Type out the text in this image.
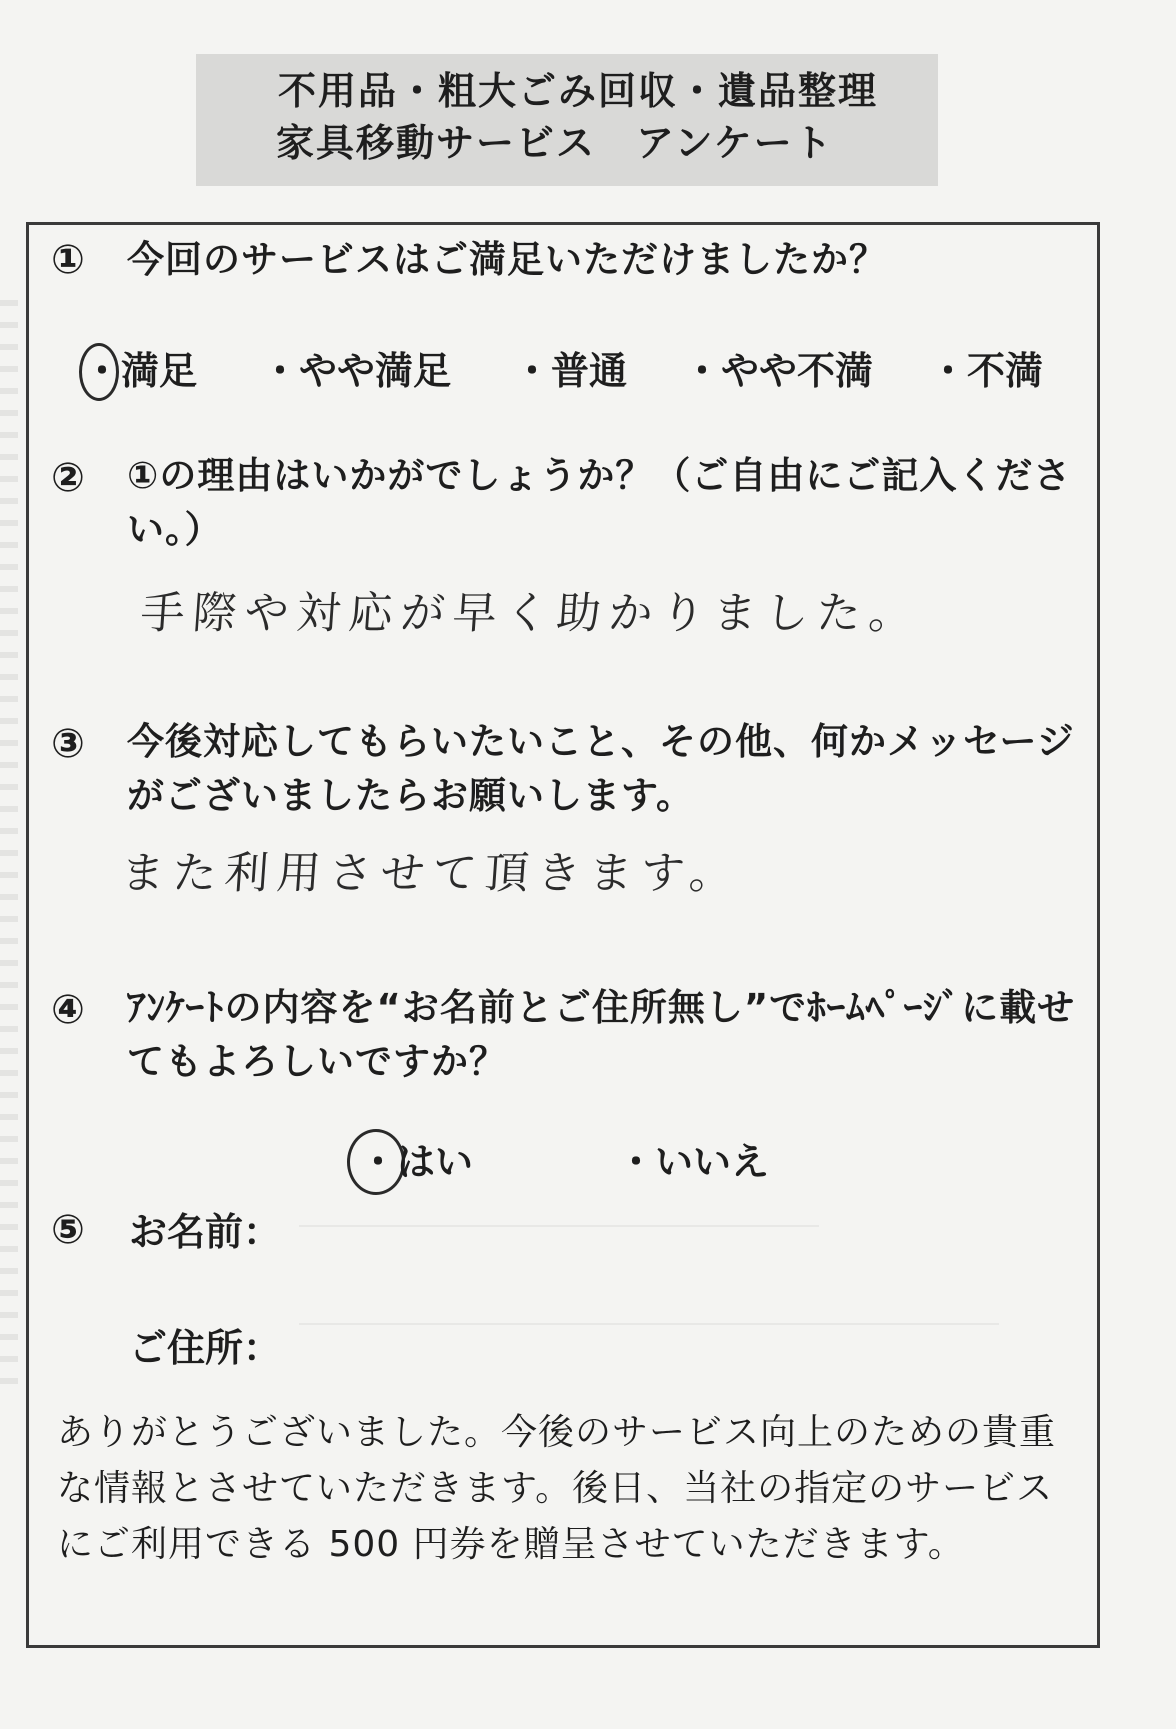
不用品・粗大ごみ回収・遺品整理
家具移動サービス　アンケート
① 今回のサービスはご満足いただけましたか？
・満足 ・やや満足 ・普通 ・やや不満 ・不満
② ①の理由はいかがでしょうか？（ご自由にご記入ください。）
手際や対応が早く助かりました。
③ 今後対応してもらいたいこと、その他、何かメッセージがございましたらお願いします。
また利用させて頂きます。
④ ｱﾝｹｰﾄの内容を“お名前とご住所無し”でﾎｰﾑﾍﾟｰｼﾞに載せてもよろしいですか？
・はい	・いいえ
⑤ お名前：
ご住所：
ありがとうございました。今後のサービス向上のための貴重な情報とさせていただきます。後日、当社の指定のサービスにご利用できる 500 円券を贈呈させていただきます。
